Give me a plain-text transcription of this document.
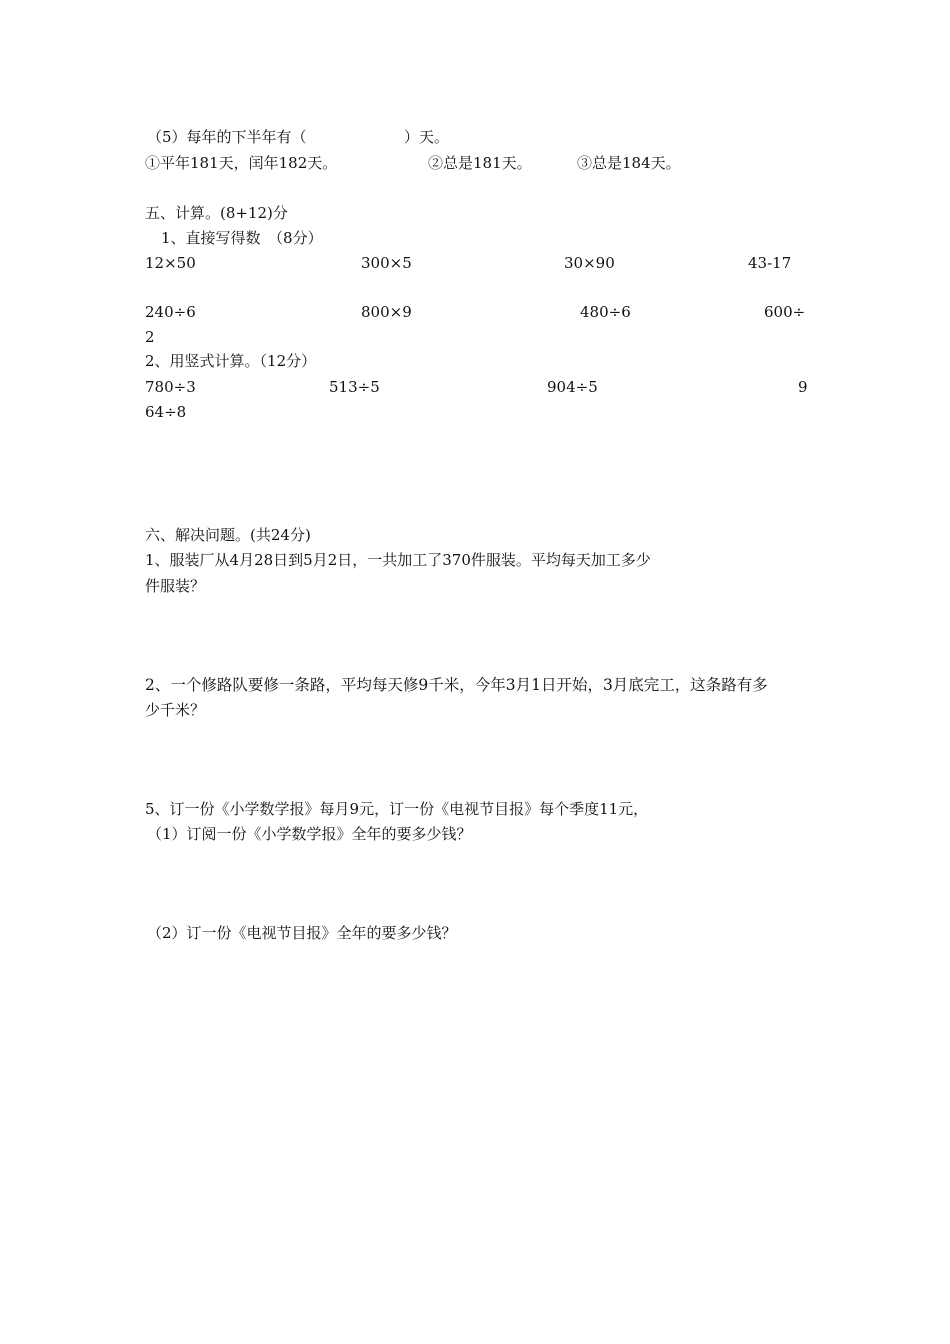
（5）每年的下半年有（	）天。
①平年181天，闰年182天。	②总是181天。	③总是184天。
五、计算。(8+12)分
1、直接写得数　（8分）
12×50	300×5	30×90	43-17
240÷6	800×9	480÷6	600÷
2
2、用竖式计算。（12分）
780÷3	513÷5	904÷5	9
64÷8
六、解决问题。(共24分)
1、服装厂从4月28日到5月2日，一共加工了370件服装。平均每天加工多少
件服装？
2、一个修路队要修一条路，平均每天修9千米，今年3月1日开始，3月底完工，这条路有多
少千米？
5、订一份《小学数学报》每月9元，订一份《电视节目报》每个季度11元，
（1）订阅一份《小学数学报》全年的要多少钱？
（2）订一份《电视节目报》全年的要多少钱？
